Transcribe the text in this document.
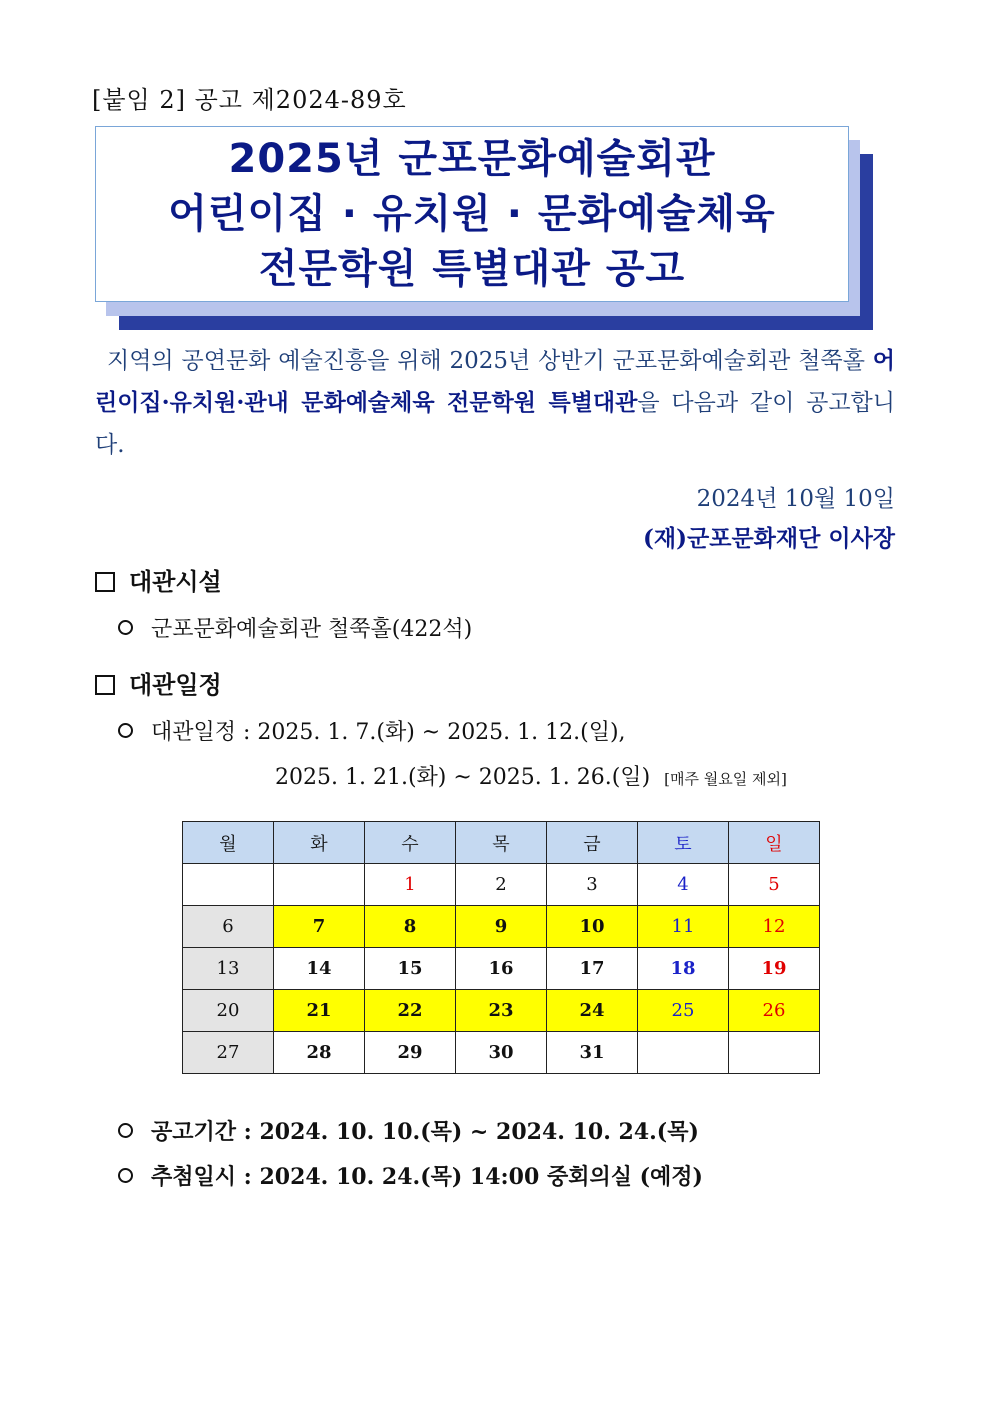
[붙임 2] 공고 제2024-89호
2025년 군포문화예술회관
어린이집 · 유치원 · 문화예술체육
전문학원 특별대관 공고
지역의 공연문화 예술진흥을 위해 2025년 상반기 군포문화예술회관 철쭉홀 어린이집·유치원·관내 문화예술체육 전문학원 특별대관을 다음과 같이 공고합니다.
2024년 10월 10일
(재)군포문화재단 이사장
대관시설
군포문화예술회관 철쭉홀(422석)
대관일정
대관일정 : 2025. 1. 7.(화) ~ 2025. 1. 12.(일),
2025. 1. 21.(화) ~ 2025. 1. 26.(일) [매주 월요일 제외]
월	화	수	목	금	토	일
		1	2	3	4	5
6	7	8	9	10	11	12
13	14	15	16	17	18	19
20	21	22	23	24	25	26
27	28	29	30	31		
공고기간 : 2024. 10. 10.(목) ~ 2024. 10. 24.(목)
추첨일시 : 2024. 10. 24.(목) 14:00 중회의실 (예정)
